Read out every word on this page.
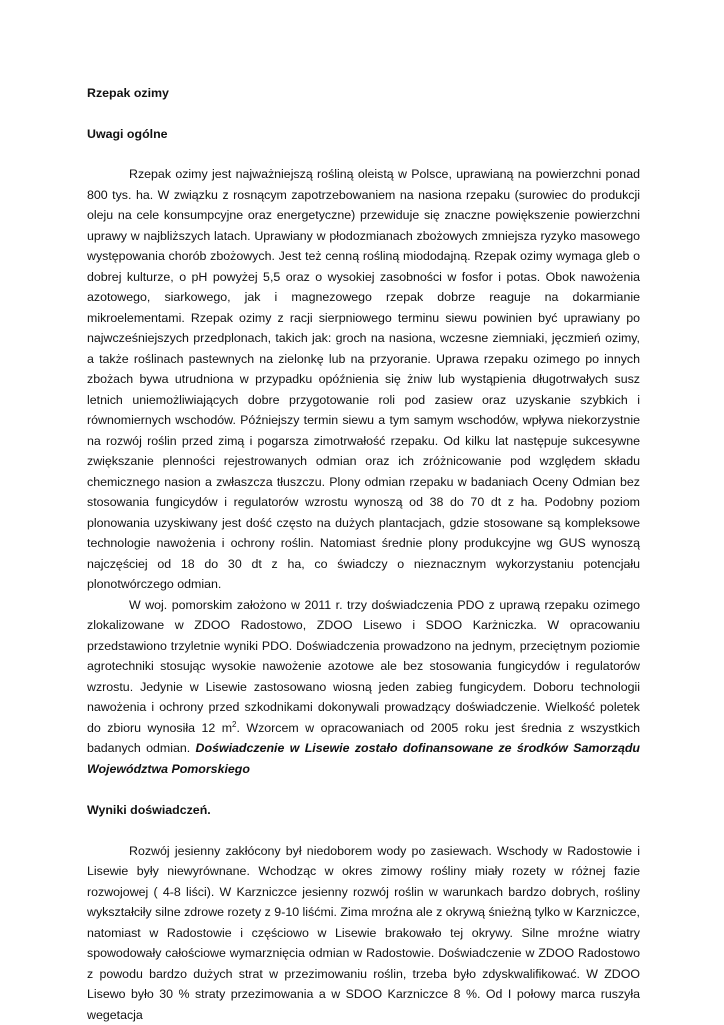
Rzepak ozimy

Uwagi ogólne

Rzepak ozimy jest najważniejszą rośliną oleistą w Polsce, uprawianą na powierzchni ponad 800 tys. ha. W związku z rosnącym zapotrzebowaniem na nasiona rzepaku (surowiec do produkcji oleju na cele konsumpcyjne oraz energetyczne) przewiduje się znaczne powiększenie powierzchni uprawy w najbliższych latach. Uprawiany w płodozmianach zbożowych zmniejsza ryzyko masowego występowania chorób zbożowych. Jest też cenną rośliną miododajną. Rzepak ozimy wymaga gleb o dobrej kulturze, o pH powyżej 5,5 oraz o wysokiej zasobności w fosfor i potas. Obok nawożenia azotowego, siarkowego, jak i magnezowego rzepak dobrze reaguje na dokarmianie mikroelementami. Rzepak ozimy z racji sierpniowego terminu siewu powinien być uprawiany po najwcześniejszych przedplonach, takich jak: groch na nasiona, wczesne ziemniaki, jęczmień ozimy, a także roślinach pastewnych na zielonkę lub na przyoranie. Uprawa rzepaku ozimego po innych zbożach bywa utrudniona w przypadku opóźnienia się żniw lub wystąpienia długotrwałych susz letnich uniemożliwiających dobre przygotowanie roli pod zasiew oraz uzyskanie szybkich i równomiernych wschodów. Późniejszy termin siewu a tym samym wschodów, wpływa niekorzystnie na rozwój roślin przed zimą i pogarsza zimotrwałość rzepaku. Od kilku lat następuje sukcesywne zwiększanie plenności rejestrowanych odmian oraz ich zróżnicowanie pod względem składu chemicznego nasion a zwłaszcza tłuszczu. Plony odmian rzepaku w badaniach Oceny Odmian bez stosowania fungicydów i regulatorów wzrostu wynoszą od 38 do 70 dt z ha. Podobny poziom plonowania uzyskiwany jest dość często na dużych plantacjach, gdzie stosowane są kompleksowe technologie nawożenia i ochrony roślin. Natomiast średnie plony produkcyjne wg GUS wynoszą najczęściej od 18 do 30 dt z ha, co świadczy o nieznacznym wykorzystaniu potencjału plonotwórczego odmian.

W woj. pomorskim założono w 2011 r. trzy doświadczenia PDO z uprawą rzepaku ozimego zlokalizowane w ZDOO Radostowo, ZDOO Lisewo i SDOO Karżniczka. W opracowaniu przedstawiono trzyletnie wyniki PDO. Doświadczenia prowadzono na jednym, przeciętnym poziomie agrotechniki stosując wysokie nawożenie azotowe ale bez stosowania fungicydów i regulatorów wzrostu. Jedynie w Lisewie zastosowano wiosną jeden zabieg fungicydem. Doboru technologii nawożenia i ochrony przed szkodnikami dokonywali prowadzący doświadczenie. Wielkość poletek do zbioru wynosiła 12 $m^2$. Wzorcem w opracowaniach od 2005 roku jest średnia z wszystkich badanych odmian. Doświadczenie w Lisewie zostało dofinansowane ze środków Samorządu Województwa Pomorskiego

Wyniki doświadczeń.

Rozwój jesienny zakłócony był niedoborem wody po zasiewach. Wschody w Radostowie i Lisewie były niewyrównane. Wchodząc w okres zimowy rośliny miały rozety w różnej fazie rozwojowej ( 4-8 liści). W Karzniczce jesienny rozwój roślin w warunkach bardzo dobrych, rośliny wykształciły silne zdrowe rozety z 9-10 liśćmi. Zima mroźna ale z okrywą śnieżną tylko w Karzniczce, natomiast w Radostowie i częściowo w Lisewie brakowało tej okrywy. Silne mroźne wiatry spowodowały całościowe wymarznięcia odmian w Radostowie. Doświadczenie w ZDOO Radostowo z powodu bardzo dużych strat w przezimowaniu roślin, trzeba było zdyskwalifikować. W ZDOO Lisewo było 30 % straty przezimowania a w SDOO Karzniczce 8 %. Od I połowy marca ruszyła wegetacja
